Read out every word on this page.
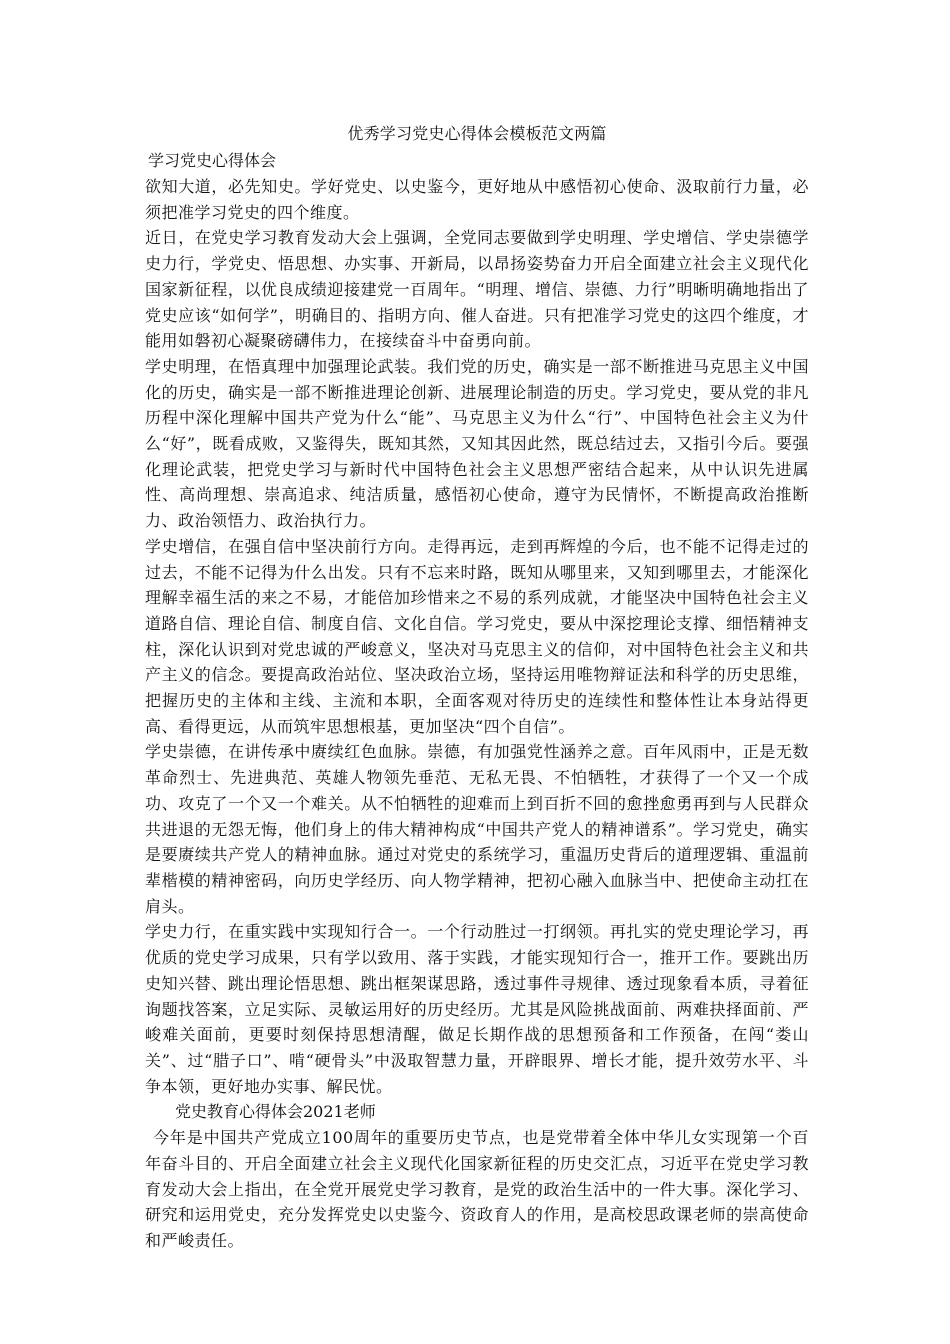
优秀学习党史心得体会模板范文两篇
学习党史心得体会

欲知大道，必先知史。学好党史、以史鉴今，更好地从中感悟初心使命、汲取前行力量，必须把准学习党史的四个维度。

近日，在党史学习教育发动大会上强调，全党同志要做到学史明理、学史增信、学史崇德学史力行，学党史、悟思想、办实事、开新局，以昂扬姿势奋力开启全面建立社会主义现代化国家新征程，以优良成绩迎接建党一百周年。“明理、增信、崇德、力行”明晰明确地指出了党史应该“如何学”，明确目的、指明方向、催人奋进。只有把准学习党史的这四个维度，才能用如磐初心凝聚磅礴伟力，在接续奋斗中奋勇向前。

学史明理，在悟真理中加强理论武装。我们党的历史，确实是一部不断推进马克思主义中国化的历史，确实是一部不断推进理论创新、进展理论制造的历史。学习党史，要从党的非凡历程中深化理解中国共产党为什么“能”、马克思主义为什么“行”、中国特色社会主义为什么“好”，既看成败，又鉴得失，既知其然，又知其因此然，既总结过去，又指引今后。要强化理论武装，把党史学习与新时代中国特色社会主义思想严密结合起来，从中认识先进属性、高尚理想、崇高追求、纯洁质量，感悟初心使命，遵守为民情怀，不断提高政治推断力、政治领悟力、政治执行力。

学史增信，在强自信中坚决前行方向。走得再远，走到再辉煌的今后，也不能不记得走过的过去，不能不记得为什么出发。只有不忘来时路，既知从哪里来，又知到哪里去，才能深化理解幸福生活的来之不易，才能倍加珍惜来之不易的系列成就，才能坚决中国特色社会主义道路自信、理论自信、制度自信、文化自信。学习党史，要从中深挖理论支撑、细悟精神支柱，深化认识到对党忠诚的严峻意义，坚决对马克思主义的信仰，对中国特色社会主义和共产主义的信念。要提高政治站位、坚决政治立场，坚持运用唯物辩证法和科学的历史思维，把握历史的主体和主线、主流和本职，全面客观对待历史的连续性和整体性让本身站得更高、看得更远，从而筑牢思想根基，更加坚决“四个自信”。

学史崇德，在讲传承中赓续红色血脉。崇德，有加强党性涵养之意。百年风雨中，正是无数革命烈士、先进典范、英雄人物领先垂范、无私无畏、不怕牺牲，才获得了一个又一个成功、攻克了一个又一个难关。从不怕牺牲的迎难而上到百折不回的愈挫愈勇再到与人民群众共进退的无怨无悔，他们身上的伟大精神构成“中国共产党人的精神谱系”。学习党史，确实是要赓续共产党人的精神血脉。通过对党史的系统学习，重温历史背后的道理逻辑、重温前辈楷模的精神密码，向历史学经历、向人物学精神，把初心融入血脉当中、把使命主动扛在肩头。

学史力行，在重实践中实现知行合一。一个行动胜过一打纲领。再扎实的党史理论学习，再优质的党史学习成果，只有学以致用、落于实践，才能实现知行合一，推开工作。要跳出历史知兴替、跳出理论悟思想、跳出框架谋思路，透过事件寻规律、透过现象看本质，寻着征询题找答案，立足实际、灵敏运用好的历史经历。尤其是风险挑战面前、两难抉择面前、严峻难关面前，更要时刻保持思想清醒，做足长期作战的思想预备和工作预备，在闯“娄山关”、过“腊子口”、啃“硬骨头”中汲取智慧力量，开辟眼界、增长才能，提升效劳水平、斗争本领，更好地办实事、解民忧。

党史教育心得体会2021老师

今年是中国共产党成立100周年的重要历史节点，也是党带着全体中华儿女实现第一个百年奋斗目的、开启全面建立社会主义现代化国家新征程的历史交汇点，习近平在党史学习教育发动大会上指出，在全党开展党史学习教育，是党的政治生活中的一件大事。深化学习、研究和运用党史，充分发挥党史以史鉴今、资政育人的作用，是高校思政课老师的崇高使命和严峻责任。
